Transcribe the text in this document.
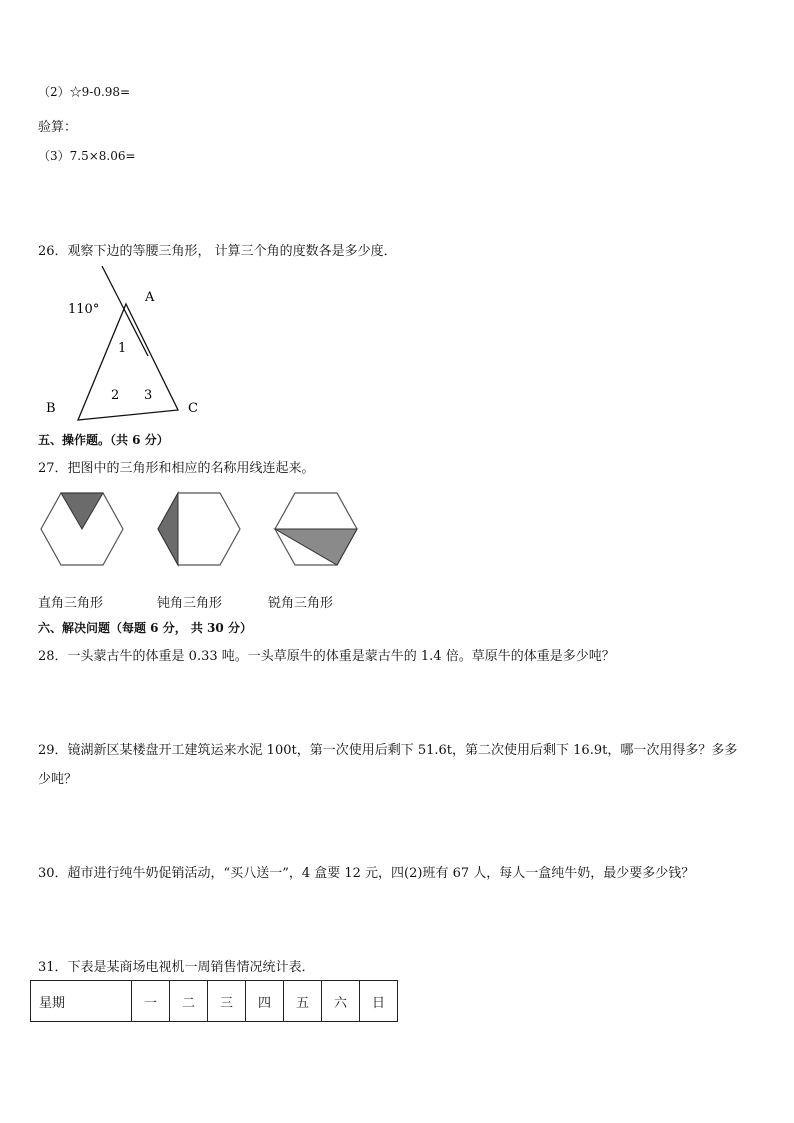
（2）☆9-0.98=
验算：
（3）7.5×8.06=
26．观察下边的等腰三角形， 计算三个角的度数各是多少度．
110°
A
B	C
1
2 3
五、操作题。（共 6 分）
27．把图中的三角形和相应的名称用线连起来。
直角三角形	钝角三角形	锐角三角形
六、解决问题（每题 6 分， 共 30 分）
28．一头蒙古牛的体重是 0.33 吨。一头草原牛的体重是蒙古牛的 1.4 倍。草原牛的体重是多少吨？
29．镜湖新区某楼盘开工建筑运来水泥 100t，第一次使用后剩下 51.6t，第二次使用后剩下 16.9t，哪一次用得多？多多
少吨？
30．超市进行纯牛奶促销活动，“买八送一”，4 盒要 12 元，四(2)班有 67 人，每人一盒纯牛奶，最少要多少钱？
31．下表是某商场电视机一周销售情况统计表．
星期	一	二	三	四	五	六	日
